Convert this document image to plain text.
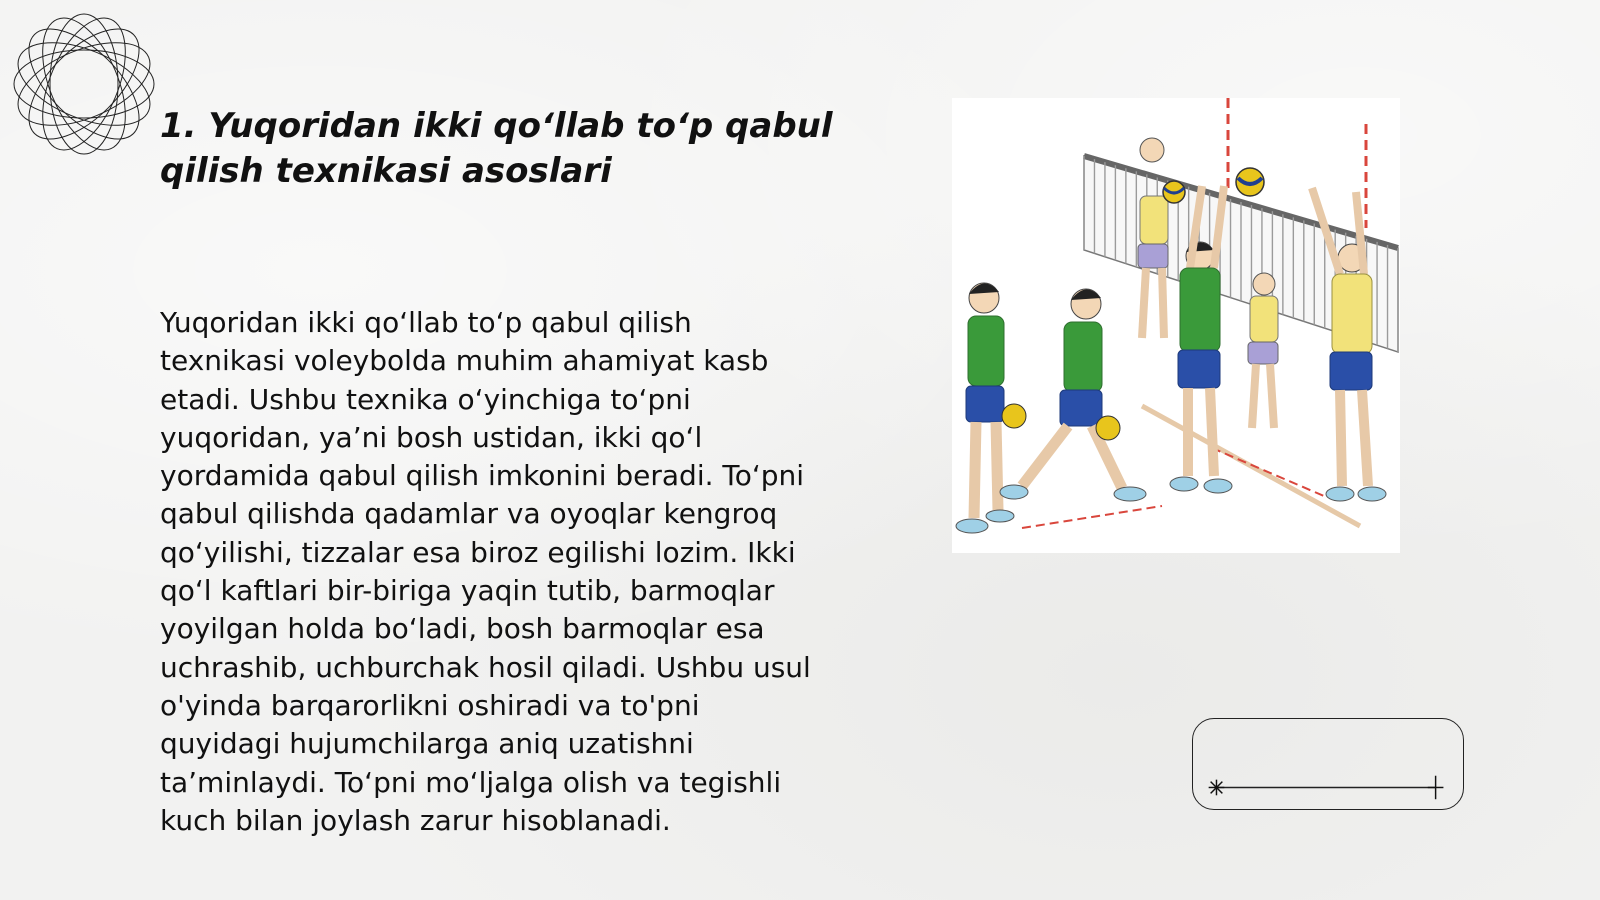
1. Yuqoridan ikki qo‘llab to‘p qabul qilish texnikasi asoslari

Yuqoridan ikki qo‘llab to‘p qabul qilish texnikasi voleybolda muhim ahamiyat kasb etadi. Ushbu texnika o‘yinchiga to‘pni yuqoridan, ya’ni bosh ustidan, ikki qo‘l yordamida qabul qilish imkonini beradi. To‘pni qabul qilishda qadamlar va oyoqlar kengroq qo‘yilishi, tizzalar esa biroz egilishi lozim. Ikki qo‘l kaftlari bir-biriga yaqin tutib, barmoqlar yoyilgan holda bo‘ladi, bosh barmoqlar esa uchrashib, uchburchak hosil qiladi. Ushbu usul o'yinda barqarorlikni oshiradi va to'pni quyidagi hujumchilarga aniq uzatishni ta’minlaydi. To‘pni mo‘ljalga olish va tegishli kuch bilan joylash zarur hisoblanadi.
